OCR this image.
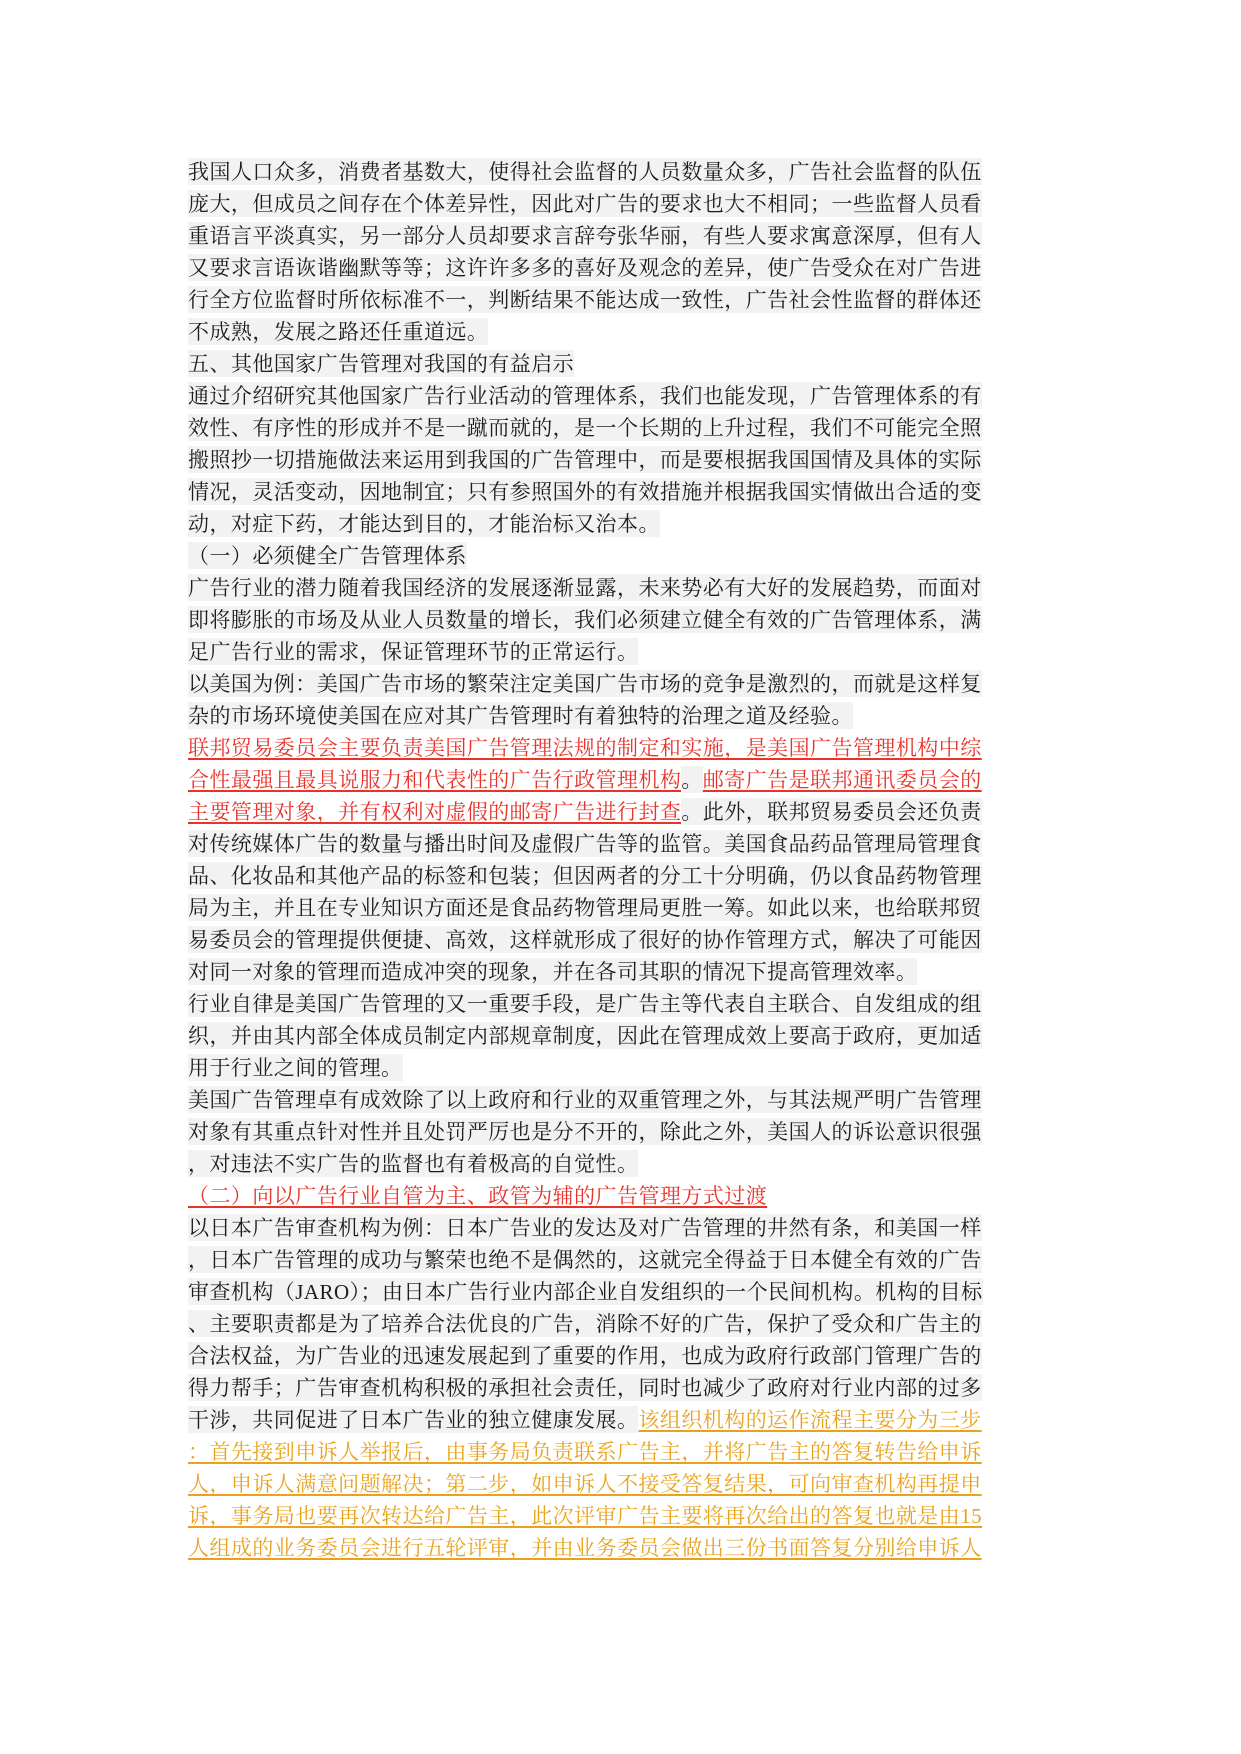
我国人口众多，消费者基数大，使得社会监督的人员数量众多，广告社会监督的队伍
庞大，但成员之间存在个体差异性，因此对广告的要求也大不相同；一些监督人员看
重语言平淡真实，另一部分人员却要求言辞夸张华丽，有些人要求寓意深厚，但有人
又要求言语诙谐幽默等等；这许许多多的喜好及观念的差异，使广告受众在对广告进
行全方位监督时所依标准不一，判断结果不能达成一致性，广告社会性监督的群体还
不成熟，发展之路还任重道远。
五、其他国家广告管理对我国的有益启示
通过介绍研究其他国家广告行业活动的管理体系，我们也能发现，广告管理体系的有
效性、有序性的形成并不是一蹴而就的，是一个长期的上升过程，我们不可能完全照
搬照抄一切措施做法来运用到我国的广告管理中，而是要根据我国国情及具体的实际
情况，灵活变动，因地制宜；只有参照国外的有效措施并根据我国实情做出合适的变
动，对症下药，才能达到目的，才能治标又治本。
（一）必须健全广告管理体系
广告行业的潜力随着我国经济的发展逐渐显露，未来势必有大好的发展趋势，而面对
即将膨胀的市场及从业人员数量的增长，我们必须建立健全有效的广告管理体系，满
足广告行业的需求，保证管理环节的正常运行。
以美国为例：美国广告市场的繁荣注定美国广告市场的竞争是激烈的，而就是这样复
杂的市场环境使美国在应对其广告管理时有着独特的治理之道及经验。
联邦贸易委员会主要负责美国广告管理法规的制定和实施，是美国广告管理机构中综
合性最强且最具说服力和代表性的广告行政管理机构。邮寄广告是联邦通讯委员会的
主要管理对象，并有权利对虚假的邮寄广告进行封查。此外，联邦贸易委员会还负责
对传统媒体广告的数量与播出时间及虚假广告等的监管。美国食品药品管理局管理食
品、化妆品和其他产品的标签和包装；但因两者的分工十分明确，仍以食品药物管理
局为主，并且在专业知识方面还是食品药物管理局更胜一筹。如此以来，也给联邦贸
易委员会的管理提供便捷、高效，这样就形成了很好的协作管理方式，解决了可能因
对同一对象的管理而造成冲突的现象，并在各司其职的情况下提高管理效率。
行业自律是美国广告管理的又一重要手段，是广告主等代表自主联合、自发组成的组
织，并由其内部全体成员制定内部规章制度，因此在管理成效上要高于政府，更加适
用于行业之间的管理。
美国广告管理卓有成效除了以上政府和行业的双重管理之外，与其法规严明广告管理
对象有其重点针对性并且处罚严厉也是分不开的，除此之外，美国人的诉讼意识很强
，对违法不实广告的监督也有着极高的自觉性。
（二）向以广告行业自管为主、政管为辅的广告管理方式过渡
以日本广告审查机构为例：日本广告业的发达及对广告管理的井然有条，和美国一样
，日本广告管理的成功与繁荣也绝不是偶然的，这就完全得益于日本健全有效的广告
审查机构（JARO）；由日本广告行业内部企业自发组织的一个民间机构。机构的目标
、主要职责都是为了培养合法优良的广告，消除不好的广告，保护了受众和广告主的
合法权益，为广告业的迅速发展起到了重要的作用，也成为政府行政部门管理广告的
得力帮手；广告审查机构积极的承担社会责任，同时也减少了政府对行业内部的过多
干涉，共同促进了日本广告业的独立健康发展。该组织机构的运作流程主要分为三步
：首先接到申诉人举报后，由事务局负责联系广告主，并将广告主的答复转告给申诉
人，申诉人满意问题解决；第二步，如申诉人不接受答复结果，可向审查机构再提申
诉，事务局也要再次转达给广告主，此次评审广告主要将再次给出的答复也就是由15
人组成的业务委员会进行五轮评审，并由业务委员会做出三份书面答复分别给申诉人
